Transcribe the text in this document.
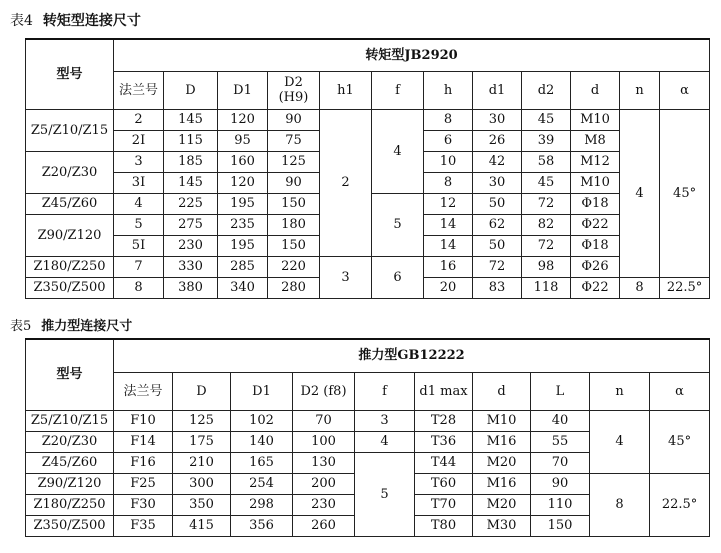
表4 转矩型连接尺寸
型号	转矩型JB2920											
	法兰号	D	D1	D2 (H9)	h1	f	h	d1	d2	d	n	α
Z5/Z10/Z15	2	145	120	90	2	4	8	30	45	M10	4	45°
	2I	115	95	75			6	26	39	M8		
Z20/Z30	3	185	160	125			10	42	58	M12		
	3I	145	120	90			8	30	45	M10		
Z45/Z60	4	225	195	150		5	12	50	72	Φ18		
Z90/Z120	5	275	235	180			14	62	82	Φ22		
	5I	230	195	150			14	50	72	Φ18		
Z180/Z250	7	330	285	220	3	6	16	72	98	Φ26		
Z350/Z500	8	380	340	280			20	83	118	Φ22	8	22.5°
表5 推力型连接尺寸
型号	推力型GB12222									
	法兰号	D	D1	D2 (f8)	f	d1 max	d	L	n	α
Z5/Z10/Z15	F10	125	102	70	3	T28	M10	40	4	45°
Z20/Z30	F14	175	140	100	4	T36	M16	55		
Z45/Z60	F16	210	165	130	5	T44	M20	70		
Z90/Z120	F25	300	254	200		T60	M16	90	8	22.5°
Z180/Z250	F30	350	298	230		T70	M20	110		
Z350/Z500	F35	415	356	260		T80	M30	150		
